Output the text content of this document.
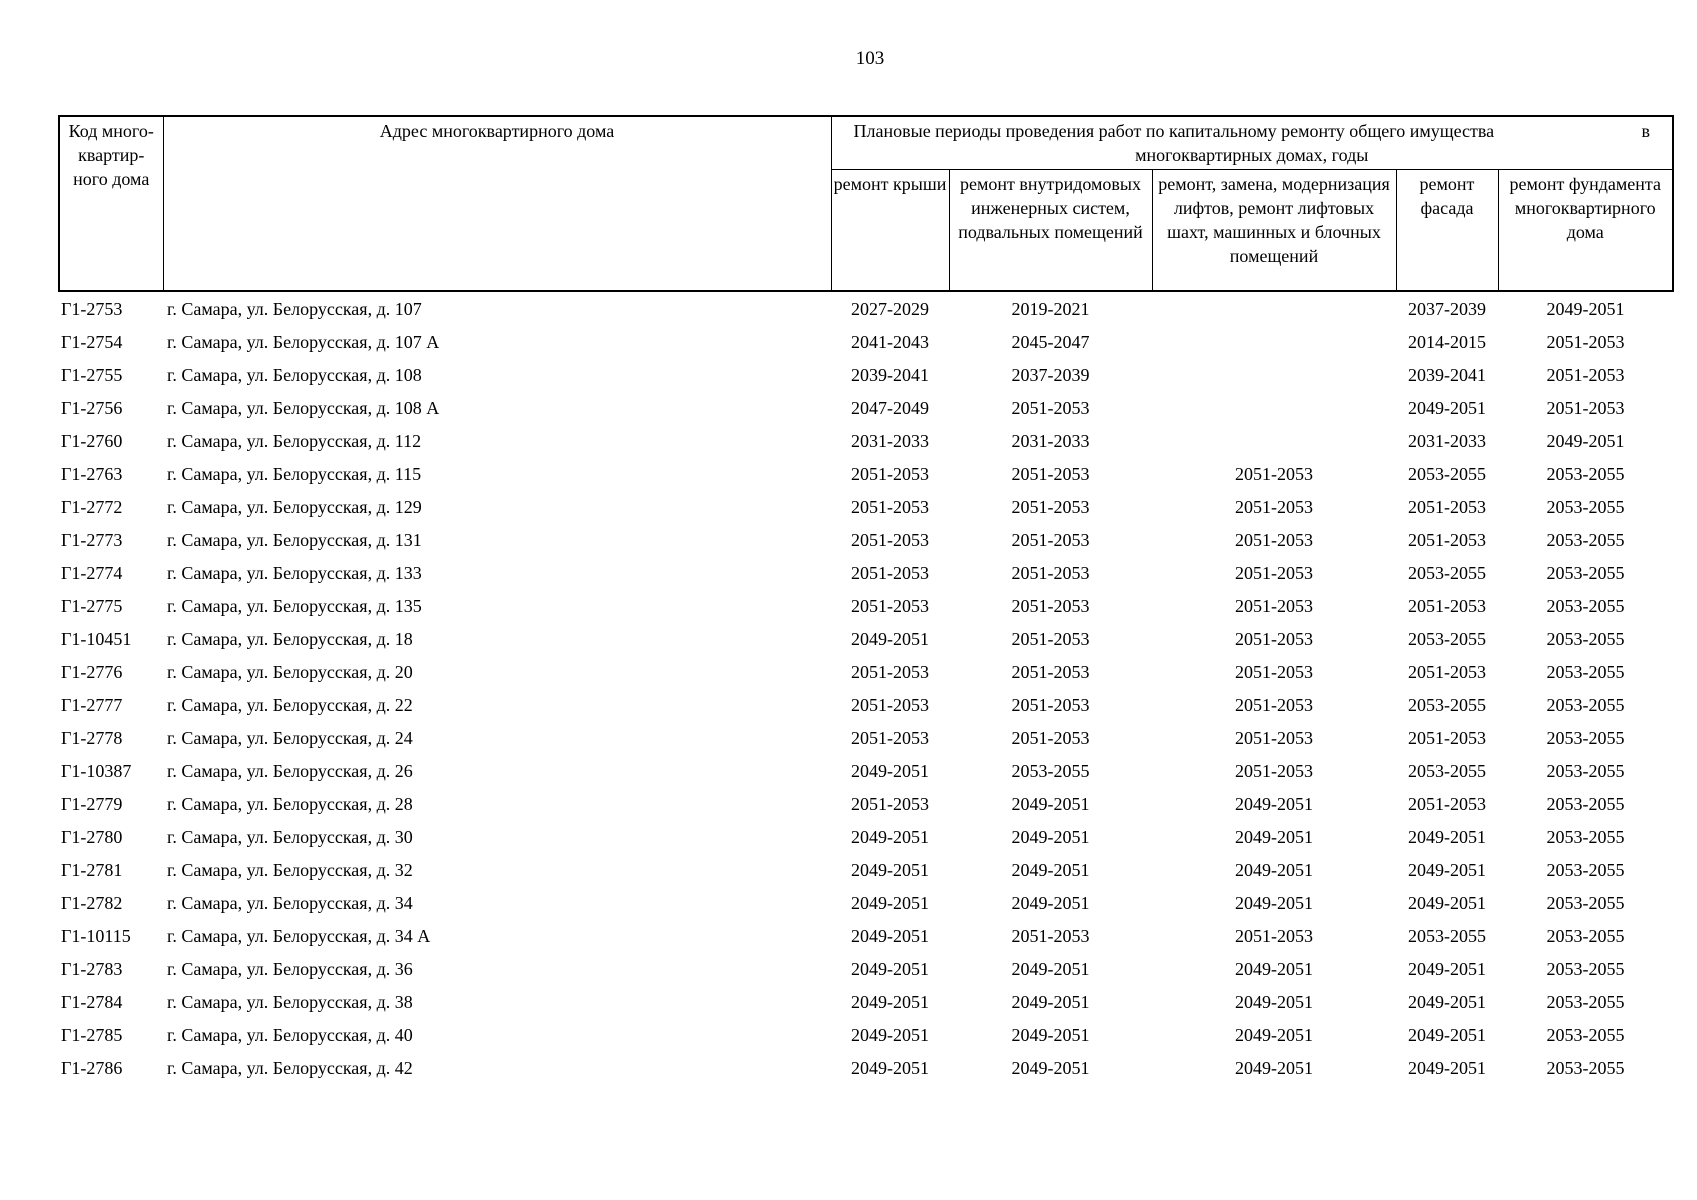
103
Код много-квартир-ного дома	Адрес многоквартирного дома	Плановые периоды проведения работ по капитальному ремонту общего имущества в
многоквартирных домах, годы				

		ремонт крыши	ремонт внутридомовых инженерных систем, подвальных помещений	ремонт, замена, модернизация лифтов, ремонт лифтовых шахт, машинных и блочных помещений	ремонт фасада	ремонт фундамента многоквартирного дома
Г1-2753	г. Самара, ул. Белорусская, д. 107	2027-2029	2019-2021		2037-2039	2049-2051
Г1-2754	г. Самара, ул. Белорусская, д. 107 А	2041-2043	2045-2047		2014-2015	2051-2053
Г1-2755	г. Самара, ул. Белорусская, д. 108	2039-2041	2037-2039		2039-2041	2051-2053
Г1-2756	г. Самара, ул. Белорусская, д. 108 А	2047-2049	2051-2053		2049-2051	2051-2053
Г1-2760	г. Самара, ул. Белорусская, д. 112	2031-2033	2031-2033		2031-2033	2049-2051
Г1-2763	г. Самара, ул. Белорусская, д. 115	2051-2053	2051-2053	2051-2053	2053-2055	2053-2055
Г1-2772	г. Самара, ул. Белорусская, д. 129	2051-2053	2051-2053	2051-2053	2051-2053	2053-2055
Г1-2773	г. Самара, ул. Белорусская, д. 131	2051-2053	2051-2053	2051-2053	2051-2053	2053-2055
Г1-2774	г. Самара, ул. Белорусская, д. 133	2051-2053	2051-2053	2051-2053	2053-2055	2053-2055
Г1-2775	г. Самара, ул. Белорусская, д. 135	2051-2053	2051-2053	2051-2053	2051-2053	2053-2055
Г1-10451	г. Самара, ул. Белорусская, д. 18	2049-2051	2051-2053	2051-2053	2053-2055	2053-2055
Г1-2776	г. Самара, ул. Белорусская, д. 20	2051-2053	2051-2053	2051-2053	2051-2053	2053-2055
Г1-2777	г. Самара, ул. Белорусская, д. 22	2051-2053	2051-2053	2051-2053	2053-2055	2053-2055
Г1-2778	г. Самара, ул. Белорусская, д. 24	2051-2053	2051-2053	2051-2053	2051-2053	2053-2055
Г1-10387	г. Самара, ул. Белорусская, д. 26	2049-2051	2053-2055	2051-2053	2053-2055	2053-2055
Г1-2779	г. Самара, ул. Белорусская, д. 28	2051-2053	2049-2051	2049-2051	2051-2053	2053-2055
Г1-2780	г. Самара, ул. Белорусская, д. 30	2049-2051	2049-2051	2049-2051	2049-2051	2053-2055
Г1-2781	г. Самара, ул. Белорусская, д. 32	2049-2051	2049-2051	2049-2051	2049-2051	2053-2055
Г1-2782	г. Самара, ул. Белорусская, д. 34	2049-2051	2049-2051	2049-2051	2049-2051	2053-2055
Г1-10115	г. Самара, ул. Белорусская, д. 34 А	2049-2051	2051-2053	2051-2053	2053-2055	2053-2055
Г1-2783	г. Самара, ул. Белорусская, д. 36	2049-2051	2049-2051	2049-2051	2049-2051	2053-2055
Г1-2784	г. Самара, ул. Белорусская, д. 38	2049-2051	2049-2051	2049-2051	2049-2051	2053-2055
Г1-2785	г. Самара, ул. Белорусская, д. 40	2049-2051	2049-2051	2049-2051	2049-2051	2053-2055
Г1-2786	г. Самара, ул. Белорусская, д. 42	2049-2051	2049-2051	2049-2051	2049-2051	2053-2055
